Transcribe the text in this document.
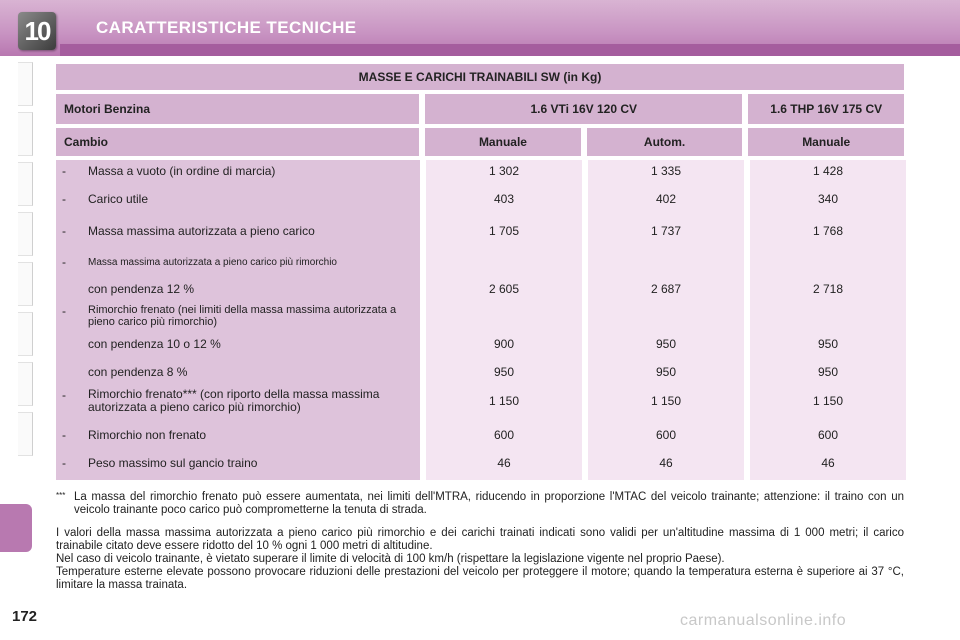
10	CARATTERISTICHE TECNICHE
172
MASSE E CARICHI TRAINABILI SW (in Kg)
Motori Benzina	1.6 VTi 16V 120 CV	1.6 THP 16V 175 CV
Cambio	Manuale	Autom.	Manuale
- Massa a vuoto (in ordine di marcia)	1 302	1 335	1 428
- Carico utile	403	402	340
- Massa massima autorizzata a pieno carico	1 705	1 737	1 768
- Massa massima autorizzata a pieno carico più rimorchio
con pendenza 12 %	2 605	2 687	2 718
- Rimorchio frenato (nei limiti della massa massima autorizzata a pieno carico più rimorchio)
con pendenza 10 o 12 %	900	950	950
con pendenza 8 %	950	950	950
- Rimorchio frenato*** (con riporto della massa massima autorizzata a pieno carico più rimorchio)	1 150	1 150	1 150
- Rimorchio non frenato	600	600	600
- Peso massimo sul gancio traino	46	46	46
*** La massa del rimorchio frenato può essere aumentata, nei limiti dell'MTRA, riducendo in proporzione l'MTAC del veicolo trainante; attenzione: il traino con un veicolo trainante poco carico può comprometterne la tenuta di strada.

I valori della massa massima autorizzata a pieno carico più rimorchio e dei carichi trainati indicati sono validi per un'altitudine massima di 1 000 metri; il carico trainabile citato deve essere ridotto del 10 % ogni 1 000 metri di altitudine.

Nel caso di veicolo trainante, è vietato superare il limite di velocità di 100 km/h (rispettare la legislazione vigente nel proprio Paese).

Temperature esterne elevate possono provocare riduzioni delle prestazioni del veicolo per proteggere il motore; quando la temperatura esterna è superiore ai 37 °C, limitare la massa trainata.

carmanualsonline.info
